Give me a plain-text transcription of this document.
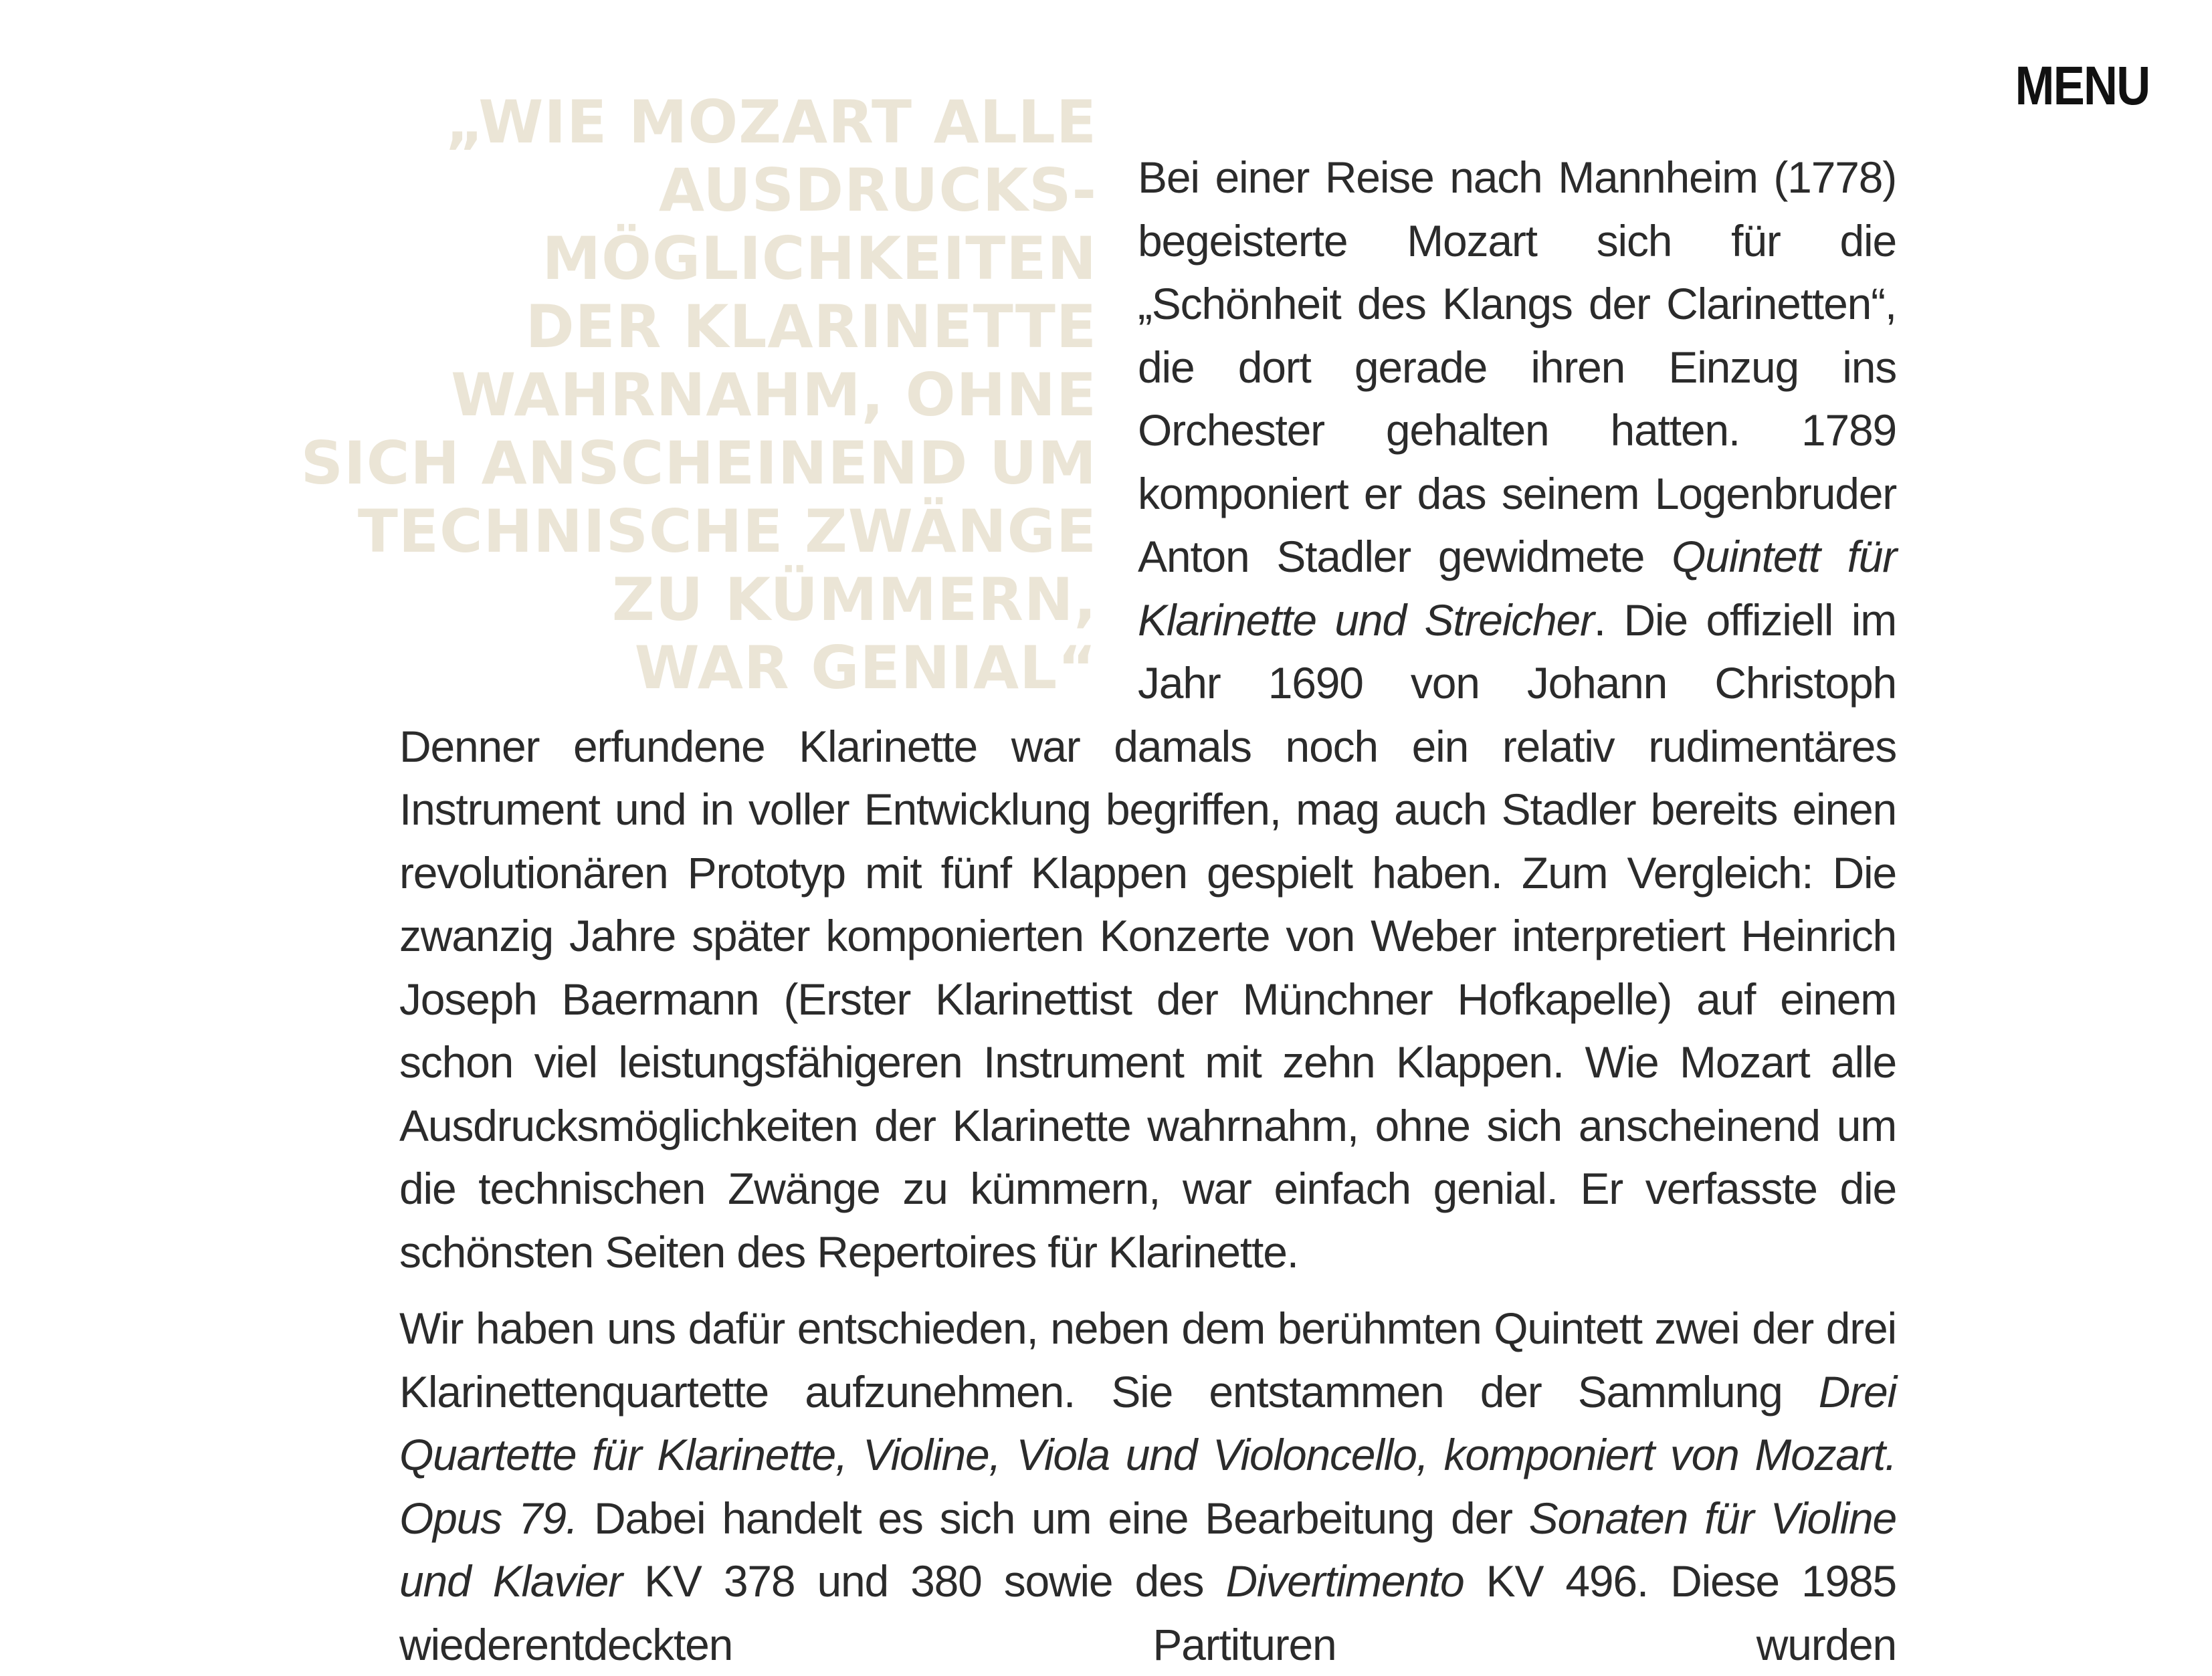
MENU
„WIE MOZART ALLE
AUSDRUCKS-
MÖGLICHKEITEN
DER KLARINETTE
WAHRNAHM, OHNE
SICH ANSCHEINEND UM
TECHNISCHE ZWÄNGE
ZU KÜMMERN,
WAR GENIAL“

Bei einer Reise nach Mannheim (1778) begeisterte Mozart sich für die „Schönheit des Klangs der Clarinetten“, die dort gerade ihren Einzug ins Orchester gehalten hatten. 1789 komponiert er das seinem Logenbruder Anton Stadler gewidmete Quintett für Klarinette und Streicher. Die offiziell im Jahr 1690 von Johann Christoph Denner erfundene Klarinette war damals noch ein relativ rudimentäres Instrument und in voller Entwicklung begriffen, mag auch Stadler bereits einen revolutionären Prototyp mit fünf Klappen gespielt haben. Zum Vergleich: Die zwanzig Jahre später komponierten Konzerte von Weber interpretiert Heinrich Joseph Baermann (Erster Klarinettist der Münchner Hofkapelle) auf einem schon viel leistungsfähigeren Instrument mit zehn Klappen. Wie Mozart alle Ausdrucksmöglichkeiten der Klarinette wahrnahm, ohne sich anscheinend um die technischen Zwänge zu kümmern, war einfach genial. Er verfasste die schönsten Seiten des Repertoires für Klarinette.

Wir haben uns dafür entschieden, neben dem berühmten Quintett zwei der drei Klarinettenquartette aufzunehmen. Sie entstammen der Sammlung Drei Quartette für Klarinette, Violine, Viola und Violoncello, komponiert von Mozart. Opus 79. Dabei handelt es sich um eine Bearbeitung der Sonaten für Violine und Klavier KV 378 und 380 sowie des Divertimento KV 496. Diese 1985 wiederentdeckten Partituren wurden
